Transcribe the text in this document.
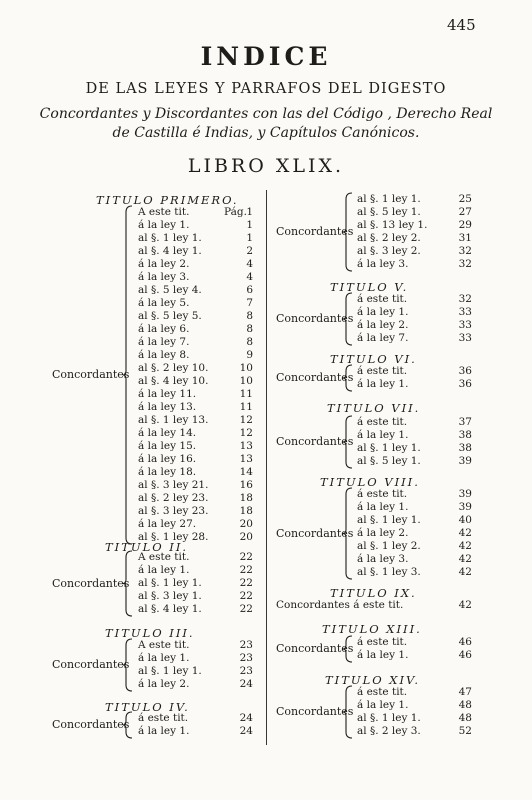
445
INDICE
DE LAS LEYES Y PARRAFOS DEL DIGESTO
Concordantes y Discordantes con las del Código , Derecho Real
de Castilla é Indias, y Capítulos Canónicos.
LIBRO XLIX.
TITULO PRIMERO.
Concordantes
Pág.
A este tit.	1
á la ley 1.	1
al §. 1 ley 1.	1
al §. 4 ley 1.	2
á la ley 2.	4
á la ley 3.	4
al §. 5 ley 4.	6
á la ley 5.	7
al §. 5 ley 5.	8
á la ley 6.	8
á la ley 7.	8
á la ley 8.	9
al §. 2 ley 10.	10
al §. 4 ley 10.	10
á la ley 11.	11
á la ley 13.	11
al §. 1 ley 13.	12
á la ley 14.	12
á la ley 15.	13
á la ley 16.	13
á la ley 18.	14
al §. 3 ley 21.	16
al §. 2 ley 23.	18
al §. 3 ley 23.	18
á la ley 27.	20
al §. 1 ley 28.	20
TITULO II.
Concordantes
A este tit.	22
á la ley 1.	22
al §. 1 ley 1.	22
al §. 3 ley 1.	22
al §. 4 ley 1.	22
TITULO III.
Concordantes
A este tit.	23
á la ley 1.	23
al §. 1 ley 1.	23
á la ley 2.	24
TITULO IV.
Concordantes á este tit.	24
á la ley 1.	24
Concordantes
al §. 1 ley 1.	25
al §. 5 ley 1.	27
al §. 13 ley 1.	29
al §. 2 ley 2.	31
al §. 3 ley 2.	32
á la ley 3.	32
TITULO V.
Concordantes
á este tit.	32
á la ley 1.	33
á la ley 2.	33
á la ley 7.	33
TITULO VI.
Concordantes á este tit.	36
á la ley 1.	36
TITULO VII.
Concordantes
á este tit.	37
á la ley 1.	38
al §. 1 ley 1.	38
al §. 5 ley 1.	39
TITULO VIII.
Concordantes
á este tit.	39
á la ley 1.	39
al §. 1 ley 1.	40
á la ley 2.	42
al §. 1 ley 2.	42
á la ley 3.	42
al §. 1 ley 3.	42
TITULO IX.
Concordantes á este tit.	42
TITULO XIII.
Concordantes á este tit.	46
á la ley 1.	46
TITULO XIV.
Concordantes
á este tit.	47
á la ley 1.	48
al §. 1 ley 1.	48
al §. 2 ley 3.	52
